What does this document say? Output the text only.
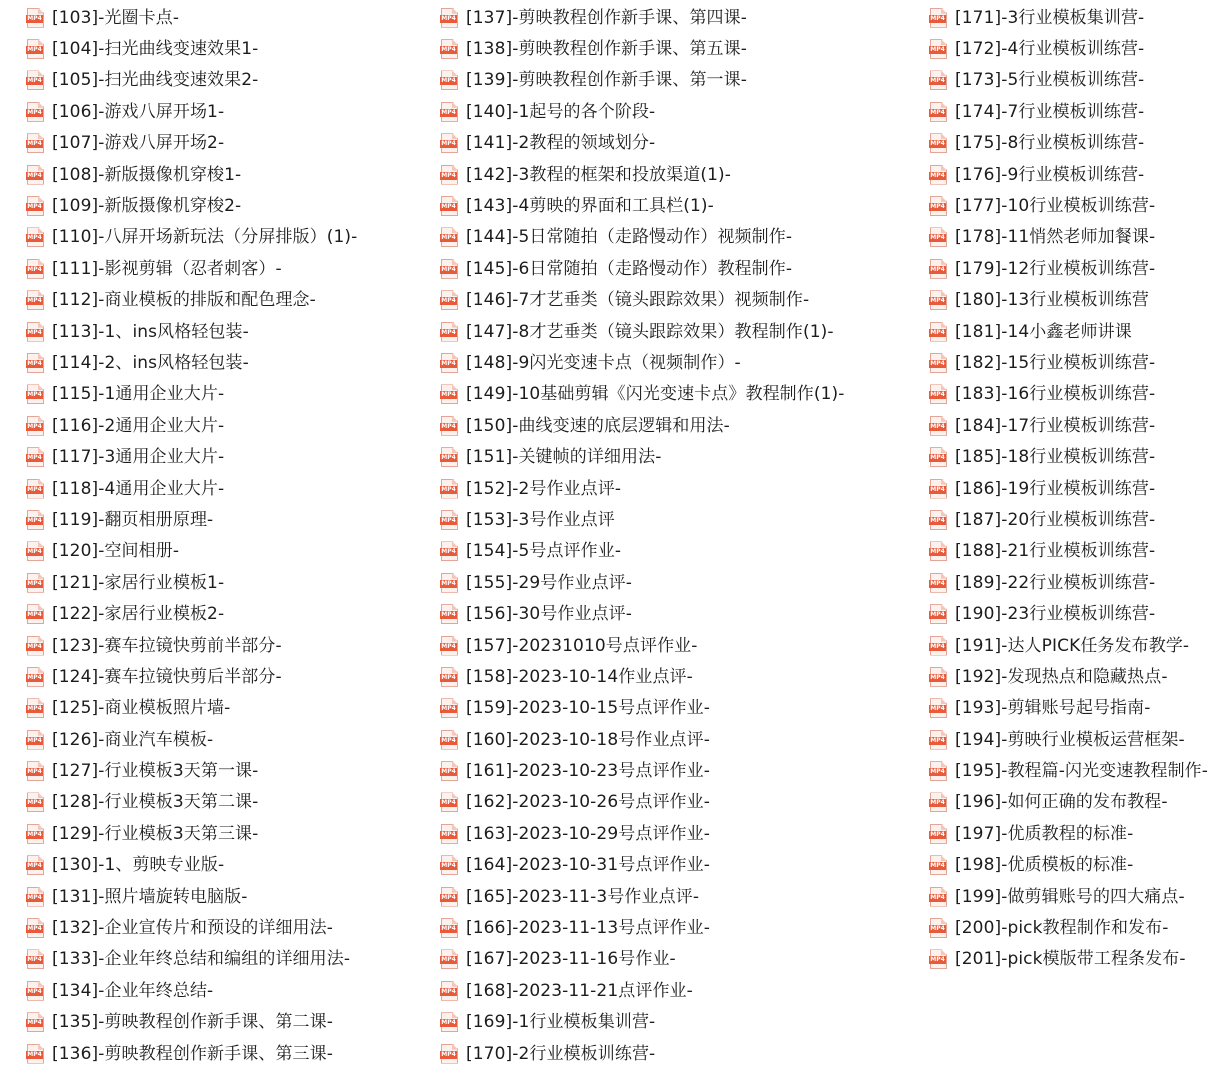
MP4 [103]-光圈卡点-
MP4 [104]-扫光曲线变速效果1-
MP4 [105]-扫光曲线变速效果2-
MP4 [106]-游戏八屏开场1-
MP4 [107]-游戏八屏开场2-
MP4 [108]-新版摄像机穿梭1-
MP4 [109]-新版摄像机穿梭2-
MP4 [110]-八屏开场新玩法（分屏排版）(1)-
MP4 [111]-影视剪辑（忍者刺客）-
MP4 [112]-商业模板的排版和配色理念-
MP4 [113]-1、ins风格轻包装-
MP4 [114]-2、ins风格轻包装-
MP4 [115]-1通用企业大片-
MP4 [116]-2通用企业大片-
MP4 [117]-3通用企业大片-
MP4 [118]-4通用企业大片-
MP4 [119]-翻页相册原理-
MP4 [120]-空间相册-
MP4 [121]-家居行业模板1-
MP4 [122]-家居行业模板2-
MP4 [123]-赛车拉镜快剪前半部分-
MP4 [124]-赛车拉镜快剪后半部分-
MP4 [125]-商业模板照片墙-
MP4 [126]-商业汽车模板-
MP4 [127]-行业模板3天第一课-
MP4 [128]-行业模板3天第二课-
MP4 [129]-行业模板3天第三课-
MP4 [130]-1、剪映专业版-
MP4 [131]-照片墙旋转电脑版-
MP4 [132]-企业宣传片和预设的详细用法-
MP4 [133]-企业年终总结和编组的详细用法-
MP4 [134]-企业年终总结-
MP4 [135]-剪映教程创作新手课、第二课-
MP4 [136]-剪映教程创作新手课、第三课-
MP4 [137]-剪映教程创作新手课、第四课-
MP4 [138]-剪映教程创作新手课、第五课-
MP4 [139]-剪映教程创作新手课、第一课-
MP4 [140]-1起号的各个阶段-
MP4 [141]-2教程的领域划分-
MP4 [142]-3教程的框架和投放渠道(1)-
MP4 [143]-4剪映的界面和工具栏(1)-
MP4 [144]-5日常随拍（走路慢动作）视频制作-
MP4 [145]-6日常随拍（走路慢动作）教程制作-
MP4 [146]-7才艺垂类（镜头跟踪效果）视频制作-
MP4 [147]-8才艺垂类（镜头跟踪效果）教程制作(1)-
MP4 [148]-9闪光变速卡点（视频制作）-
MP4 [149]-10基础剪辑《闪光变速卡点》教程制作(1)-
MP4 [150]-曲线变速的底层逻辑和用法-
MP4 [151]-关键帧的详细用法-
MP4 [152]-2号作业点评-
MP4 [153]-3号作业点评
MP4 [154]-5号点评作业-
MP4 [155]-29号作业点评-
MP4 [156]-30号作业点评-
MP4 [157]-20231010号点评作业-
MP4 [158]-2023-10-14作业点评-
MP4 [159]-2023-10-15号点评作业-
MP4 [160]-2023-10-18号作业点评-
MP4 [161]-2023-10-23号点评作业-
MP4 [162]-2023-10-26号点评作业-
MP4 [163]-2023-10-29号点评作业-
MP4 [164]-2023-10-31号点评作业-
MP4 [165]-2023-11-3号作业点评-
MP4 [166]-2023-11-13号点评作业-
MP4 [167]-2023-11-16号作业-
MP4 [168]-2023-11-21点评作业-
MP4 [169]-1行业模板集训营-
MP4 [170]-2行业模板训练营-
MP4 [171]-3行业模板集训营-
MP4 [172]-4行业模板训练营-
MP4 [173]-5行业模板训练营-
MP4 [174]-7行业模板训练营-
MP4 [175]-8行业模板训练营-
MP4 [176]-9行业模板训练营-
MP4 [177]-10行业模板训练营-
MP4 [178]-11悄然老师加餐课-
MP4 [179]-12行业模板训练营-
MP4 [180]-13行业模板训练营
MP4 [181]-14小鑫老师讲课
MP4 [182]-15行业模板训练营-
MP4 [183]-16行业模板训练营-
MP4 [184]-17行业模板训练营-
MP4 [185]-18行业模板训练营-
MP4 [186]-19行业模板训练营-
MP4 [187]-20行业模板训练营-
MP4 [188]-21行业模板训练营-
MP4 [189]-22行业模板训练营-
MP4 [190]-23行业模板训练营-
MP4 [191]-达人PICK任务发布教学-
MP4 [192]-发现热点和隐藏热点-
MP4 [193]-剪辑账号起号指南-
MP4 [194]-剪映行业模板运营框架-
MP4 [195]-教程篇-闪光变速教程制作-
MP4 [196]-如何正确的发布教程-
MP4 [197]-优质教程的标准-
MP4 [198]-优质模板的标准-
MP4 [199]-做剪辑账号的四大痛点-
MP4 [200]-pick教程制作和发布-
MP4 [201]-pick模版带工程条发布-
